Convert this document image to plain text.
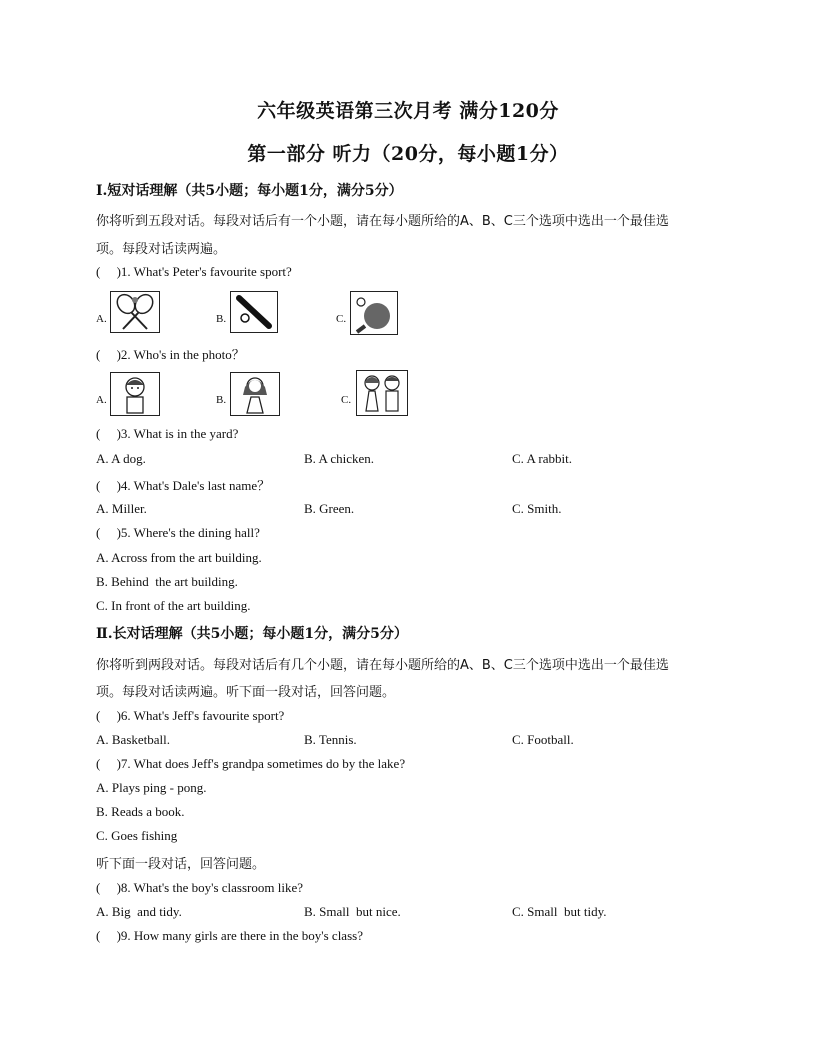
六年级英语第三次月考 满分120分
第一部分 听力（20分，每小题1分）
Ⅰ.短对话理解（共5小题；每小题1分，满分5分）
你将听到五段对话。每段对话后有一个小题，请在每小题所给的A、B、C三个选项中选出一个最佳选
项。每段对话读两遍。
(     )1. What's Peter's favourite sport?
A.	B.	C.
(     )2. Who's in the photo？
A.	B.	C.
(     )3. What is in the yard?
A. A dog.	B. A chicken.	C. A rabbit.
(     )4. What's Dale's last name？
A. Miller.	B. Green.	C. Smith.
(     )5. Where's the dining hall?
A. Across from the art building.
B. Behind  the art building.
C. In front of the art building.
Ⅱ.长对话理解（共5小题；每小题1分，满分5分）
你将听到两段对话。每段对话后有几个小题，请在每小题所给的A、B、C三个选项中选出一个最佳选
项。每段对话读两遍。听下面一段对话，回答问题。
(     )6. What's Jeff's favourite sport?
A. Basketball.	B. Tennis.	C. Football.
(     )7. What does Jeff's grandpa sometimes do by the lake?
A. Plays ping - pong.
B. Reads a book.
C. Goes fishing
听下面一段对话，回答问题。
(     )8. What's the boy's classroom like?
A. Big  and tidy.	B. Small  but nice.	C. Small  but tidy.
(     )9. How many girls are there in the boy's class?
